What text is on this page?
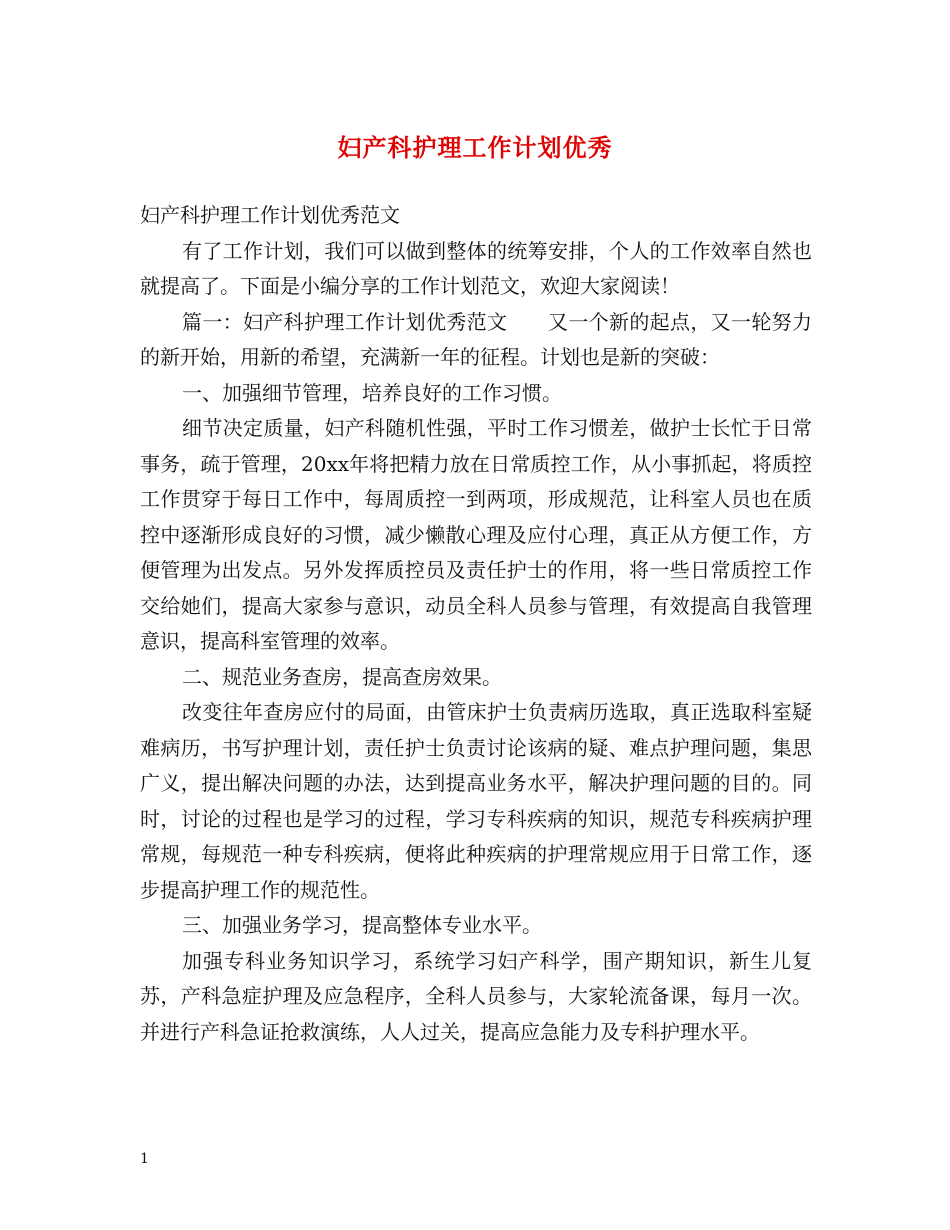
妇产科护理工作计划优秀

妇产科护理工作计划优秀范文

有了工作计划，我们可以做到整体的统筹安排，个人的工作效率自然也就提高了。下面是小编分享的工作计划范文，欢迎大家阅读！

篇一：妇产科护理工作计划优秀范文　　又一个新的起点，又一轮努力的新开始，用新的希望，充满新一年的征程。计划也是新的突破：

一、加强细节管理，培养良好的工作习惯。

细节决定质量，妇产科随机性强，平时工作习惯差，做护士长忙于日常事务，疏于管理，20xx年将把精力放在日常质控工作，从小事抓起，将质控工作贯穿于每日工作中，每周质控一到两项，形成规范，让科室人员也在质控中逐渐形成良好的习惯，减少懒散心理及应付心理，真正从方便工作，方便管理为出发点。另外发挥质控员及责任护士的作用，将一些日常质控工作交给她们，提高大家参与意识，动员全科人员参与管理，有效提高自我管理意识，提高科室管理的效率。

二、规范业务查房，提高查房效果。

改变往年查房应付的局面，由管床护士负责病历选取，真正选取科室疑难病历，书写护理计划，责任护士负责讨论该病的疑、难点护理问题，集思广义，提出解决问题的办法，达到提高业务水平，解决护理问题的目的。同时，讨论的过程也是学习的过程，学习专科疾病的知识，规范专科疾病护理常规，每规范一种专科疾病，便将此种疾病的护理常规应用于日常工作，逐步提高护理工作的规范性。

三、加强业务学习，提高整体专业水平。

加强专科业务知识学习，系统学习妇产科学，围产期知识，新生儿复苏，产科急症护理及应急程序，全科人员参与，大家轮流备课，每月一次。并进行产科急证抢救演练，人人过关，提高应急能力及专科护理水平。

1
